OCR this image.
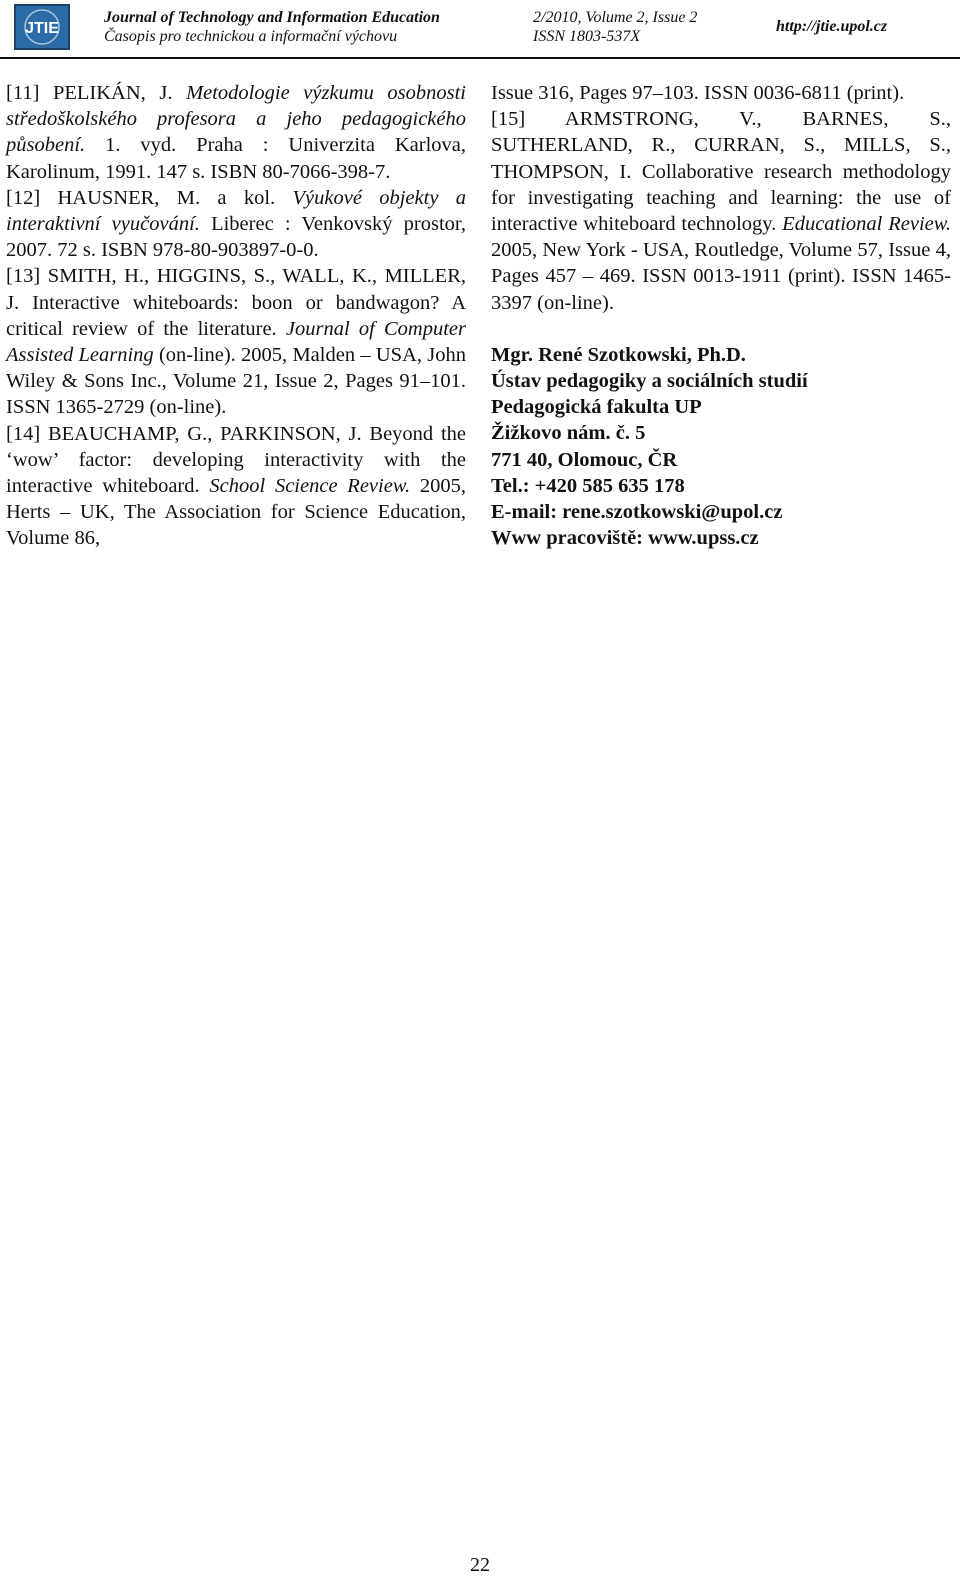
JTIE
Journal of Technology and Information Education
Časopis pro technickou a informační výchovu
2/2010, Volume 2, Issue 2
ISSN 1803-537X
http://jtie.upol.cz

[11] PELIKÁN, J. Metodologie výzkumu osobnosti středoškolského profesora a jeho pedagogického působení. 1. vyd. Praha : Univerzita Karlova, Karolinum, 1991. 147 s. ISBN 80-7066-398-7.

[12] HAUSNER, M. a kol. Výukové objekty a interaktivní vyučování. Liberec : Venkovský prostor, 2007. 72 s. ISBN 978-80-903897-0-0.

[13] SMITH, H., HIGGINS, S., WALL, K., MILLER, J. Interactive whiteboards: boon or bandwagon? A critical review of the literature. Journal of Computer Assisted Learning (on-line). 2005, Malden – USA, John Wiley & Sons Inc., Volume 21, Issue 2, Pages 91–101. ISSN 1365-2729 (on-line).

[14] BEAUCHAMP, G., PARKINSON, J. Beyond the ‘wow’ factor: developing interactivity with the interactive whiteboard. School Science Review. 2005, Herts – UK, The Association for Science Education, Volume 86,

Issue 316, Pages 97–103. ISSN 0036-6811 (print).

[15] ARMSTRONG, V., BARNES, S., SUTHERLAND, R., CURRAN, S., MILLS, S., THOMPSON, I. Collaborative research methodology for investigating teaching and learning: the use of interactive whiteboard technology. Educational Review. 2005, New York - USA, Routledge, Volume 57, Issue 4, Pages 457 – 469. ISSN 0013-1911 (print). ISSN 1465-3397 (on-line).

Mgr. René Szotkowski, Ph.D.

Ústav pedagogiky a sociálních studií

Pedagogická fakulta UP

Žižkovo nám. č. 5

771 40, Olomouc, ČR

Tel.: +420 585 635 178

E-mail: rene.szotkowski@upol.cz

Www pracoviště: www.upss.cz

22
